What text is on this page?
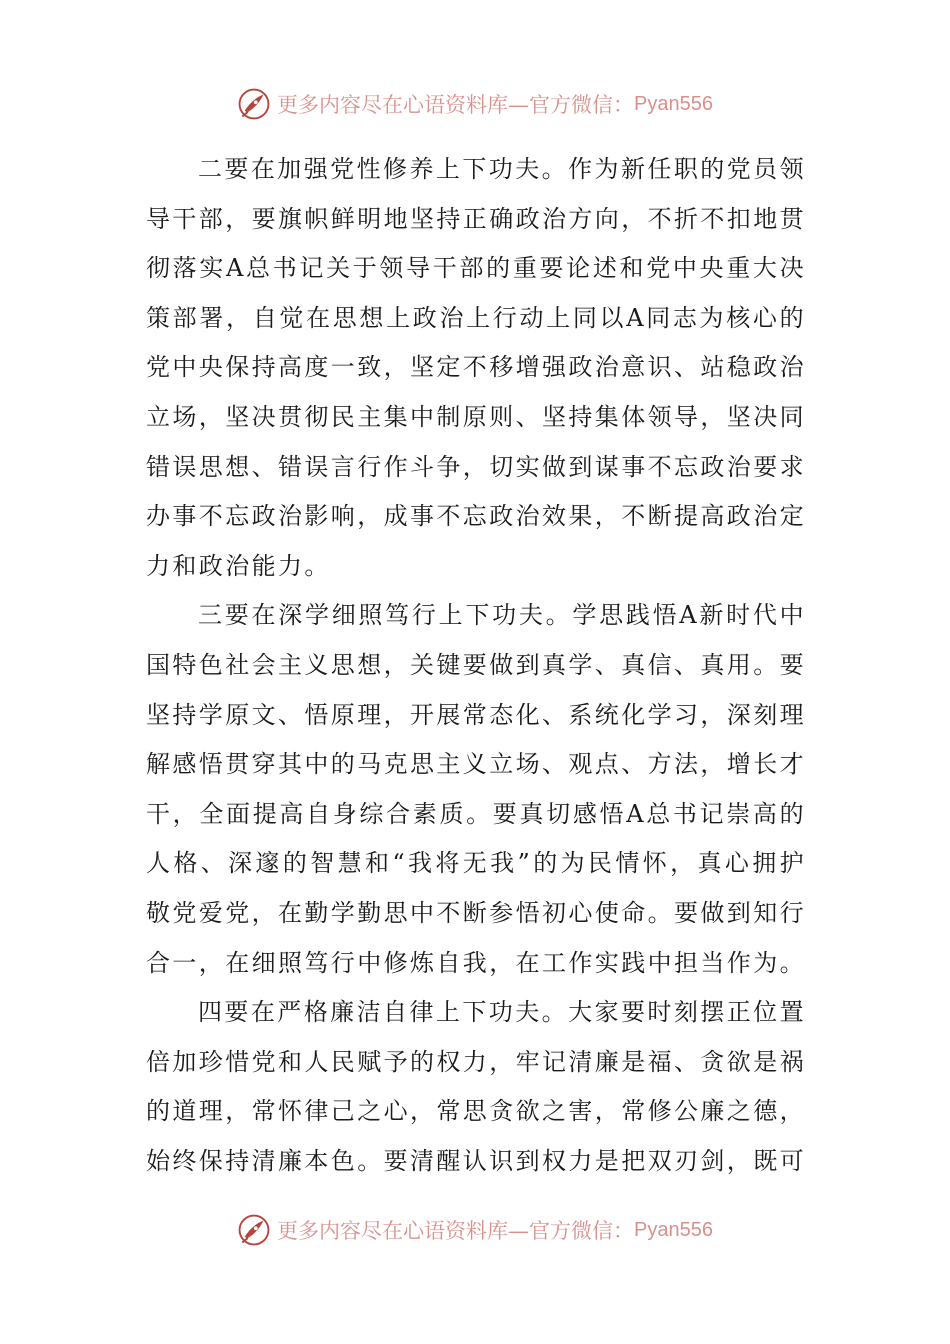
更多内容尽在心语资料库—官方微信： Pyan556

二要在加强党性修养上下功夫。作为新任职的党员领导干部，要旗帜鲜明地坚持正确政治方向，不折不扣地贯彻落实A总书记关于领导干部的重要论述和党中央重大决策部署，自觉在思想上政治上行动上同以A同志为核心的党中央保持高度一致，坚定不移增强政治意识、站稳政治立场，坚决贯彻民主集中制原则、坚持集体领导，坚决同错误思想、错误言行作斗争，切实做到谋事不忘政治要求办事不忘政治影响，成事不忘政治效果，不断提高政治定力和政治能力。

三要在深学细照笃行上下功夫。学思践悟A新时代中国特色社会主义思想，关键要做到真学、真信、真用。要坚持学原文、悟原理，开展常态化、系统化学习，深刻理解感悟贯穿其中的马克思主义立场、观点、方法，增长才干，全面提高自身综合素质。要真切感悟A总书记崇高的人格、深邃的智慧和“我将无我”的为民情怀，真心拥护敬党爱党，在勤学勤思中不断参悟初心使命。要做到知行合一，在细照笃行中修炼自我，在工作实践中担当作为。

四要在严格廉洁自律上下功夫。大家要时刻摆正位置倍加珍惜党和人民赋予的权力，牢记清廉是福、贪欲是祸的道理，常怀律己之心，常思贪欲之害，常修公廉之德，始终保持清廉本色。要清醒认识到权力是把双刃剑，既可

更多内容尽在心语资料库—官方微信： Pyan556
